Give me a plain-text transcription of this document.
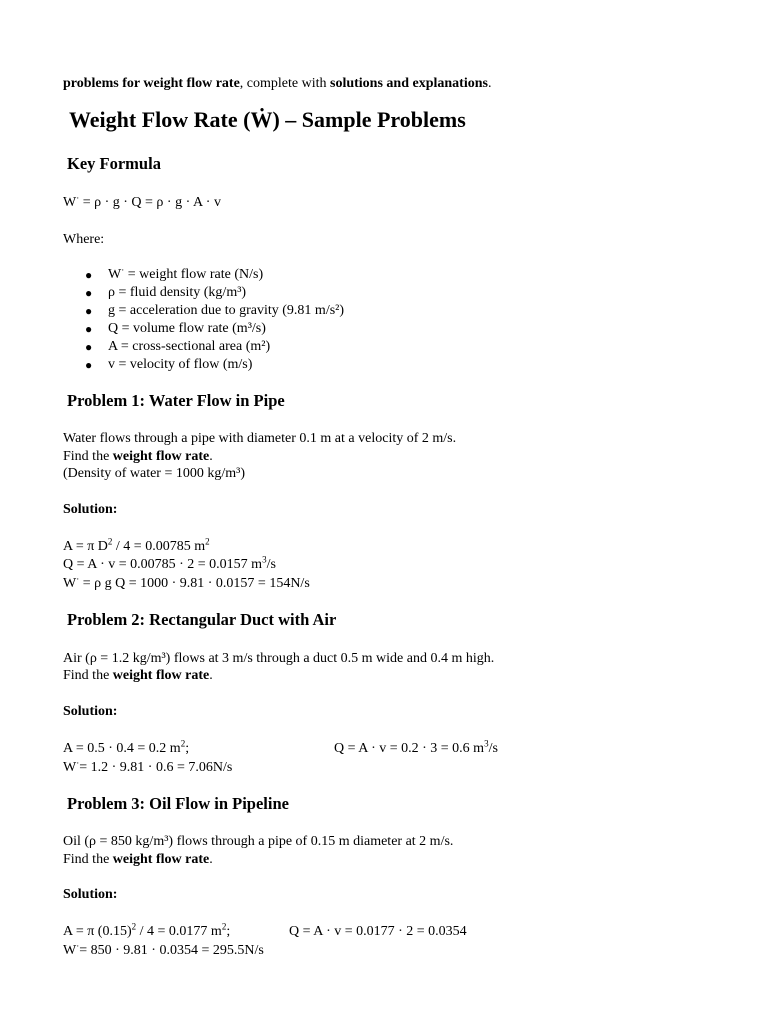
problems for weight flow rate, complete with solutions and explanations.
Weight Flow Rate (Ẇ) – Sample Problems
Key Formula
W· = ρ · g · Q = ρ · g · A · v
Where:
● W· = weight flow rate (N/s)
● ρ = fluid density (kg/m³)
● g = acceleration due to gravity (9.81 m/s²)
● Q = volume flow rate (m³/s)
● A = cross-sectional area (m²)
● v = velocity of flow (m/s)
Problem 1: Water Flow in Pipe
Water flows through a pipe with diameter 0.1 m at a velocity of 2 m/s.
Find the weight flow rate.
(Density of water = 1000 kg/m³)
Solution:
A = π $D^2 / 4 = 0.00785$ $m^2$
Q = A · v = 0.00785 · 2 = 0.0157 $m^3/s$
W· = ρ g Q = 1000 · 9.81 · 0.0157 = 154N/s
Problem 2: Rectangular Duct with Air
Air (ρ = 1.2 kg/m³) flows at 3 m/s through a duct 0.5 m wide and 0.4 m high.
Find the weight flow rate.
Solution:
A = 0.5 · 0.4 = 0.2 $m^2$;	Q = A · v = 0.2 · 3 = 0.6 $m^3/s$
W·= 1.2 · 9.81 · 0.6 = 7.06N/s
Problem 3: Oil Flow in Pipeline
Oil (ρ = 850 kg/m³) flows through a pipe of 0.15 m diameter at 2 m/s.
Find the weight flow rate.
Solution:
A = π $(0.15)^2 / 4 = 0.0177$ $m^2$;	Q = A · v = 0.0177 · 2 = 0.0354
W·= 850 · 9.81 · 0.0354 = 295.5N/s
